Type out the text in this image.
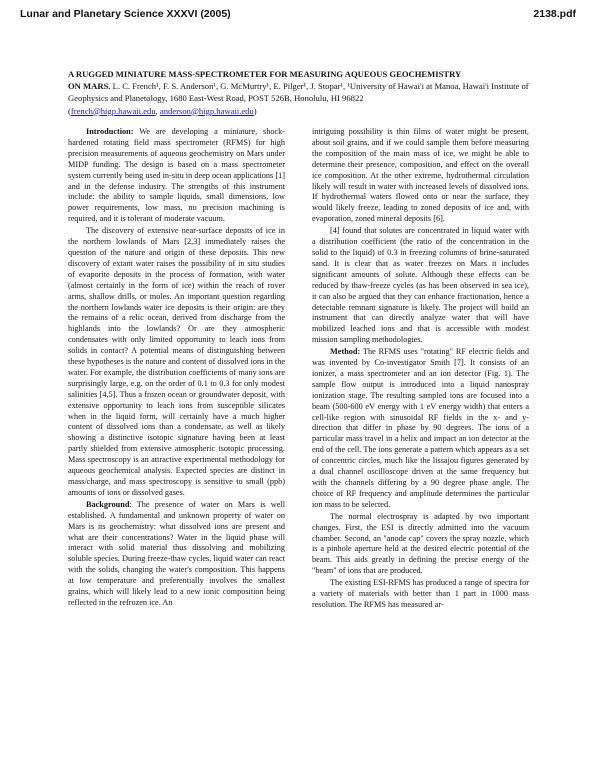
Lunar and Planetary Science XXXVI (2005)	2138.pdf
A RUGGED MINIATURE MASS-SPECTROMETER FOR MEASURING AQUEOUS GEOCHEMISTRY
ON MARS. L. C. French¹, F. S. Anderson¹, G. McMurtry¹, E. Pilger¹, J. Stopar¹, ¹University of Hawai'i at Manoa, Hawai'i Institute of Geophysics and Planetology, 1680 East-West Road, POST 526B, Honolulu, HI 96822
(french@higp.hawaii.edu, anderson@higp.hawaii.edu)

Introduction: We are developing a miniature, shock-hardened rotating field mass spectrometer (RFMS) for high precision measurements of aqueous geochemistry on Mars under MIDP funding. The design is based on a mass spectrometer system currently being used in-situ in deep ocean applications [1] and in the defense industry. The strengths of this instrument include: the ability to sample liquids, small dimensions, low power requirements, low mass, no precision machining is required, and it is tolerant of moderate vacuum.

The discovery of extensive near-surface deposits of ice in the northern lowlands of Mars [2,3] immediately raises the question of the nature and origin of these deposits. This new discovery of extant water raises the possibility of in situ studies of evaporite deposits in the process of formation, with water (almost certainly in the form of ice) within the reach of rover arms, shallow drills, or moles. An important question regarding the northern lowlands water ice deposits is their origin: are they the remains of a relic ocean, derived from discharge from the highlands into the lowlands? Or are they atmospheric condensates with only limited opportunity to leach ions from solids in contact? A potential means of distinguishing between these hypotheses is the nature and content of dissolved ions in the water. For example, the distribution coefficients of many ions are surprisingly large, e.g. on the order of 0.1 to 0.3 for only modest salinities [4,5]. Thus a frozen ocean or groundwater deposit, with extensive opportunity to leach ions from susceptible silicates when in the liquid form, will certainly have a much higher content of dissolved ions than a condensate, as well as likely showing a distinctive isotopic signature having been at least partly shielded from extensive atmospheric isotopic processing. Mass spectroscopy is an attractive experimental methodology for aqueous geochemical analysis. Expected species are distinct in mass/charge, and mass spectroscopy is sensitive to small (ppb) amounts of ions or dissolved gases.

Background: The presence of water on Mars is well established. A fundamental and unknown property of water on Mars is its geochemistry: what dissolved ions are present and what are their concentrations? Water in the liquid phase will interact with solid material thus dissolving and mobilizing soluble species. During freeze-thaw cycles, liquid water can react with the solids, changing the water's composition. This happens at low temperature and preferentially involves the smallest grains, which will likely lead to a new ionic composition being reflected in the refrozen ice. An

intriguing possibility is thin films of water might be present, about soil grains, and if we could sample them before measuring the composition of the main mass of ice, we might be able to determine their presence, composition, and effect on the overall ice composition. At the other extreme, hydrothermal circulation likely will result in water with increased levels of dissolved ions. If hydrothermal waters flowed onto or near the surface, they would likely freeze, leading to zoned deposits of ice and, with evaporation, zoned mineral deposits [6].

[4] found that solutes are concentrated in liquid water with a distribution coefficient (the ratio of the concentration in the solid to the liquid) of 0.3 in freezing columns of brine-saturated sand. It is clear that as water freezes on Mars it includes significant amounts of solute. Although these effects can be reduced by thaw-freeze cycles (as has been observed in sea ice), it can also be argued that they can enhance fractionation, hence a detectable remnant signature is likely. The project will build an instrument that can directly analyze water that will have mobilized leached ions and that is accessible with modest mission sampling methodologies.

Method: The RFMS uses "rotating" RF electric fields and was invented by Co-investigator Smith [7]. It consists of an ionizer, a mass spectrometer and an ion detector (Fig. 1). The sample flow output is introduced into a liquid nanospray ionization stage. The resulting sampled ions are focused into a beam (500-600 eV energy with 1 eV energy width) that enters a cell-like region with sinusoidal RF fields in the x- and y- direction that differ in phase by 90 degrees. The ions of a particular mass travel in a helix and impact an ion detector at the end of the cell. The ions generate a pattern which appears as a set of concentric circles, much like the lissajou figures generated by a dual channel oscilloscope driven at the same frequency but with the channels differing by a 90 degree phase angle. The choice of RF frequency and amplitude determines the particular ion mass to be selected.

The normal electrospray is adapted by two important changes. First, the ESI is directly admitted into the vacuum chamber. Second, an "anode cap" covers the spray nozzle, which is a pinhole aperture held at the desired electric potential of the beam. This aids greatly in defining the precise energy of the "beam" of ions that are produced.

The existing ESI-RFMS has produced a range of spectra for a variety of materials with better than 1 part in 1000 mass resolution. The RFMS has measured ar-
